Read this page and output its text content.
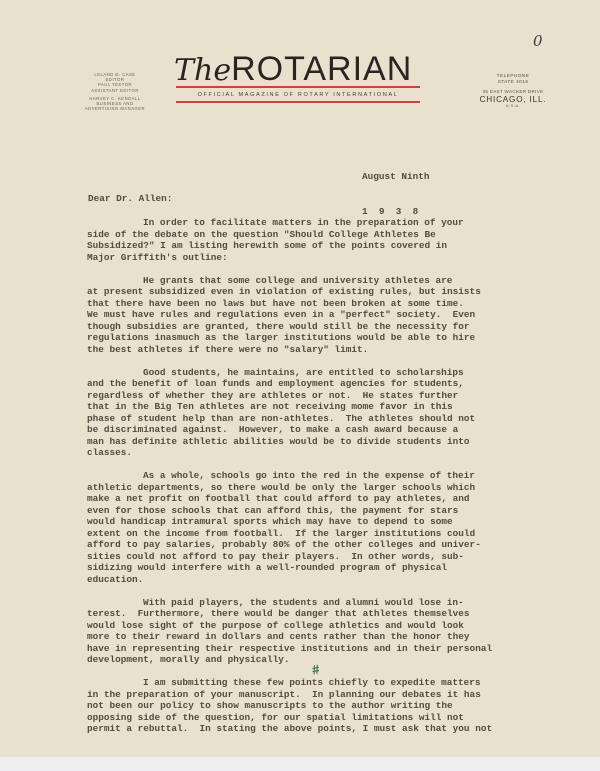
LELAND D. CASE
EDITOR
PAUL TESTOR
ASSISTANT EDITOR
HARVEY C. KENDALL
BUSINESS AND
ADVERTISING MANAGER
TheROTARIAN
OFFICIAL MAGAZINE OF ROTARY INTERNATIONAL
TELEPHONE
STATE 4016
35 EAST WACKER DRIVE
CHICAGO, ILL.
U.S.A.
0

August Ninth

1  9  3  8

Dear Dr. Allen:
In order to facilitate matters in the preparation of your
side of the debate on the question "Should College Athletes Be
Subsidized?" I am listing herewith some of the points covered in
Major Griffith's outline:
He grants that some college and university athletes are
at present subsidized even in violation of existing rules, but insists
that there have been no laws but have not been broken at some time.
We must have rules and regulations even in a "perfect" society.  Even
though subsidies are granted, there would still be the necessity for
regulations inasmuch as the larger institutions would be able to hire
the best athletes if there were no "salary" limit.
Good students, he maintains, are entitled to scholarships
and the benefit of loan funds and employment agencies for students,
regardless of whether they are athletes or not.  He states further
that in the Big Ten athletes are not receiving mome favor in this
phase of student help than are non-athletes.  The athletes should not
be discriminated against.  However, to make a cash award because a
man has definite athletic abilities would be to divide students into
classes.
As a whole, schools go into the red in the expense of their
athletic departments, so there would be only the larger schools which
make a net profit on football that could afford to pay athletes, and
even for those schools that can afford this, the payment for stars
would handicap intramural sports which may have to depend to some
extent on the income from football.  If the larger institutions could
afford to pay salaries, probably 80% of the other colleges and univer-
sities could not afford to pay their players.  In other words, sub-
sidizing would interfere with a well-rounded program of physical
education.
With paid players, the students and alumni would lose in-
terest.  Furthermore, there would be danger that athletes themselves
would lose sight of the purpose of college athletics and would look
more to their reward in dollars and cents rather than the honor they
have in representing their respective institutions and in their personal
development, morally and physically.
I am submitting these few points chiefly to expedite matters
in the preparation of your manuscript.  In planning our debates it has
not been our policy to show manuscripts to the author writing the
opposing side of the question, for our spatial limitations will not
permit a rebuttal.  In stating the above points, I must ask that you not
#
